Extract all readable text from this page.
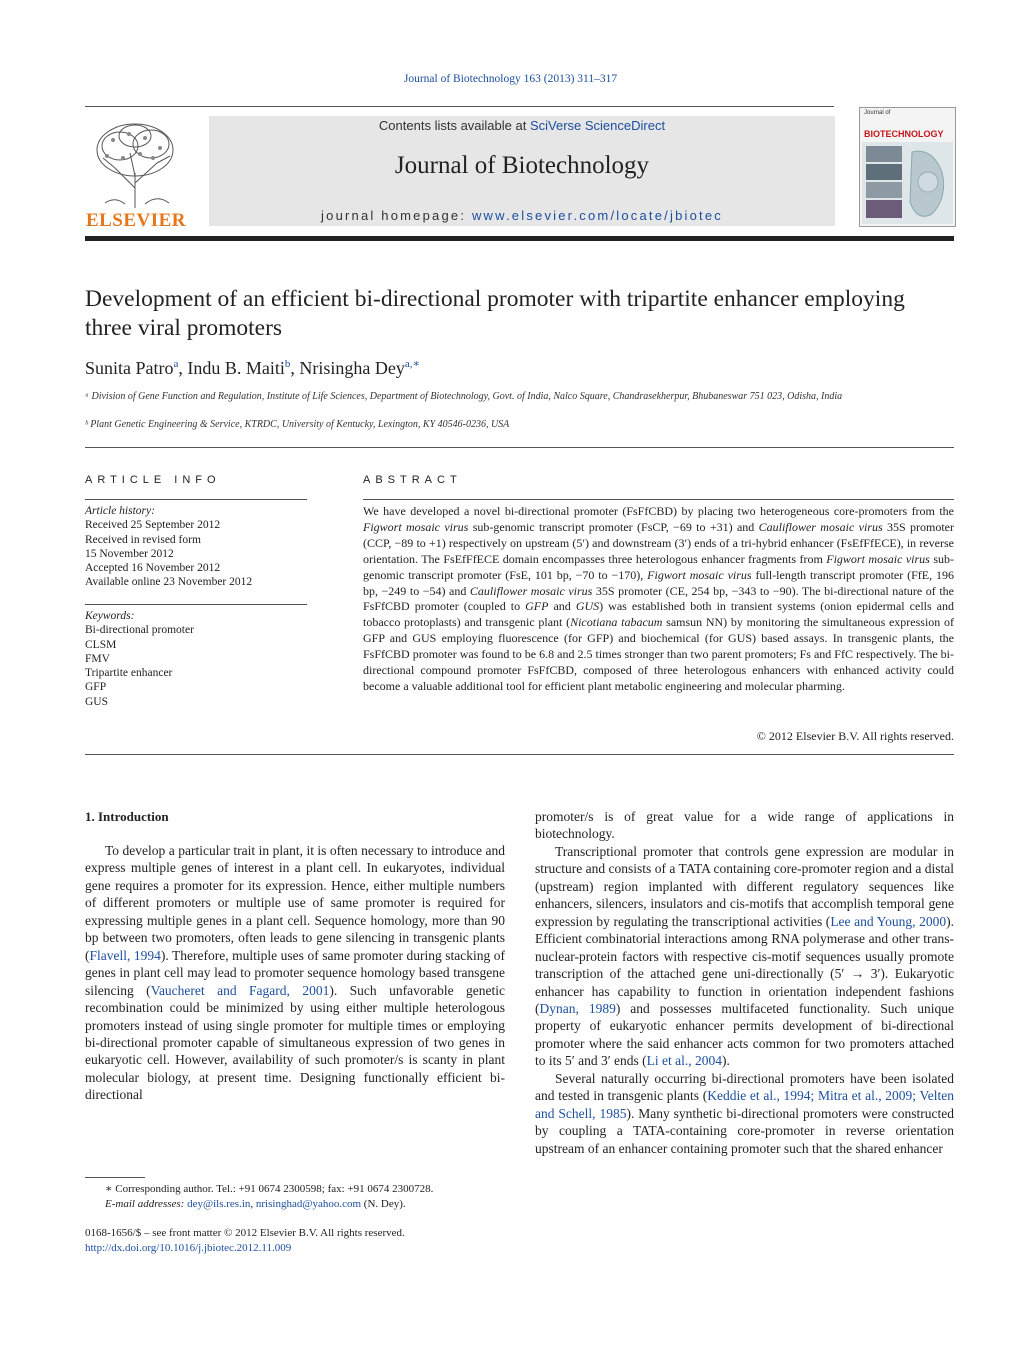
Journal of Biotechnology 163 (2013) 311–317
ELSEVIER
Contents lists available at SciVerse ScienceDirect
Journal of Biotechnology
journal homepage: www.elsevier.com/locate/jbiotec
Journal of
BIOTECHNOLOGY
Development of an efficient bi-directional promoter with tripartite enhancer employing three viral promoters
Sunita Patro$^a$, Indu B. Maiti$^b$, Nrisingha Dey$^{a,∗}$
ᵃ Division of Gene Function and Regulation, Institute of Life Sciences, Department of Biotechnology, Govt. of India, Nalco Square, Chandrasekherpur, Bhubaneswar 751 023, Odisha, India
ᵇ Plant Genetic Engineering & Service, KTRDC, University of Kentucky, Lexington, KY 40546-0236, USA
ARTICLE INFO	ABSTRACT
Article history:
Received 25 September 2012
Received in revised form
15 November 2012
Accepted 16 November 2012
Available online 23 November 2012
Keywords:
Bi-directional promoter
CLSM
FMV
Tripartite enhancer
GFP
GUS
We have developed a novel bi-directional promoter (FsFfCBD) by placing two heterogeneous core-promoters from the Figwort mosaic virus sub-genomic transcript promoter (FsCP, −69 to +31) and Cauliflower mosaic virus 35S promoter (CCP, −89 to +1) respectively on upstream (5′) and downstream (3′) ends of a tri-hybrid enhancer (FsEfFfECE), in reverse orientation. The FsEfFfECE domain encompasses three heterologous enhancer fragments from Figwort mosaic virus sub-genomic transcript promoter (FsE, 101 bp, −70 to −170), Figwort mosaic virus full-length transcript promoter (FfE, 196 bp, −249 to −54) and Cauliflower mosaic virus 35S promoter (CE, 254 bp, −343 to −90). The bi-directional nature of the FsFfCBD promoter (coupled to GFP and GUS) was established both in transient systems (onion epidermal cells and tobacco protoplasts) and transgenic plant (Nicotiana tabacum samsun NN) by monitoring the simultaneous expression of GFP and GUS employing fluorescence (for GFP) and biochemical (for GUS) based assays. In transgenic plants, the FsFfCBD promoter was found to be 6.8 and 2.5 times stronger than two parent promoters; Fs and FfC respectively. The bi-directional compound promoter FsFfCBD, composed of three heterologous enhancers with enhanced activity could become a valuable additional tool for efficient plant metabolic engineering and molecular pharming.
© 2012 Elsevier B.V. All rights reserved.
1. Introduction

To develop a particular trait in plant, it is often necessary to introduce and express multiple genes of interest in a plant cell. In eukaryotes, individual gene requires a promoter for its expression. Hence, either multiple numbers of different promoters or multiple use of same promoter is required for expressing multiple genes in a plant cell. Sequence homology, more than 90 bp between two promoters, often leads to gene silencing in transgenic plants (Flavell, 1994). Therefore, multiple uses of same promoter during stacking of genes in plant cell may lead to promoter sequence homology based transgene silencing (Vaucheret and Fagard, 2001). Such unfavorable genetic recombination could be minimized by using either multiple heterologous promoters instead of using single promoter for multiple times or employing bi-directional promoter capable of simultaneous expression of two genes in eukaryotic cell. However, availability of such promoter/s is scanty in plant molecular biology, at present time. Designing functionally efficient bi-directional

promoter/s is of great value for a wide range of applications in biotechnology.

Transcriptional promoter that controls gene expression are modular in structure and consists of a TATA containing core-promoter region and a distal (upstream) region implanted with different regulatory sequences like enhancers, silencers, insulators and cis-motifs that accomplish temporal gene expression by regulating the transcriptional activities (Lee and Young, 2000). Efficient combinatorial interactions among RNA polymerase and other trans-nuclear-protein factors with respective cis-motif sequences usually promote transcription of the attached gene uni-directionally (5′ → 3′). Eukaryotic enhancer has capability to function in orientation independent fashions (Dynan, 1989) and possesses multifaceted functionality. Such unique property of eukaryotic enhancer permits development of bi-directional promoter where the said enhancer acts common for two promoters attached to its 5′ and 3′ ends (Li et al., 2004).

Several naturally occurring bi-directional promoters have been isolated and tested in transgenic plants (Keddie et al., 1994; Mitra et al., 2009; Velten and Schell, 1985). Many synthetic bi-directional promoters were constructed by coupling a TATA-containing core-promoter in reverse orientation upstream of an enhancer containing promoter such that the shared enhancer

∗ Corresponding author. Tel.: +91 0674 2300598; fax: +91 0674 2300728.
E-mail addresses: dey@ils.res.in, nrisinghad@yahoo.com (N. Dey).
0168-1656/$ – see front matter © 2012 Elsevier B.V. All rights reserved.
http://dx.doi.org/10.1016/j.jbiotec.2012.11.009
